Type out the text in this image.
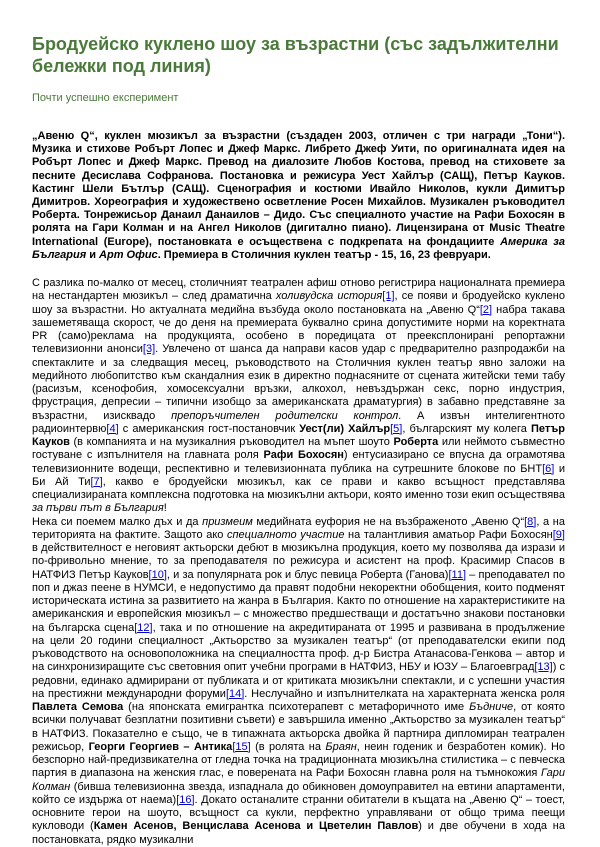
Бродуейско куклено шоу за възрастни (със задължителни бележки под линия)
Почти успешно експеримент
„Авеню Q“, куклен мюзикъл за възрастни (създаден 2003, отличен с три награди „Тони“). Музика и стихове Робърт Лопес и Джеф Маркс. Либрето Джеф Уити, по оригиналната идея на Робърт Лопес и Джеф Маркс. Превод на диалозите Любов Костова, превод на стиховете за песните Десислава Софранова. Постановка и режисура Уест Хайлър (САЩ), Петър Кауков. Кастинг Шели Бътлър (САЩ). Сценография и костюми Ивайло Николов, кукли Димитър Димитров. Хореография и художествено осветление Росен Михайлов. Музикален ръководител Роберта. Тонрежисьор Данаил Данаилов – Дидо. Със специалното участие на Рафи Бохосян в ролята на Гари Колман и на Ангел Николов (дигитално пиано). Лицензирана от Music Theatre International (Europe), постановката е осъществена с подкрепата на фондациите Америка за България и Арт Офис. Премиера в Столичния куклен театър - 15, 16, 23 февруари.

С разлика по-малко от месец, столичният театрален афиш отново регистрира националната премиера на нестандартен мюзикъл – след драматична холивудска история[1], се появи и бродуейско куклено шоу за възрастни. Но актуалната медийна възбуда около постановката на „Авеню Q“[2] набра такава зашеметяваща скорост, че до деня на премиерата буквално срина допустимите норми на коректната PR (само)реклама на продукцията, особено в поредицата от преексплониранi репортажни телевизионни анонси[3]. Увлечено от шанса да направи касов удар с предварително разпродажби на спектаклите и за следващия месец, ръководството на Столичния куклен театър явно заложи на медийното любопитство към скандалния език в директно поднасяните от сцената житейски теми табу (расизъм, ксенофобия, хомосексуални връзки, алкохол, невъздържан секс, порно индустрия, фрустрация, депресии – типични изобщо за американската драматургия) в забавно представяне за възрастни, изисквадо препоръчителен родителски контрол. А извън интелигентното радиоинтервю[4] с американския гост-постановчик Уест(ли) Хайлър[5], българският му колега Петър Кауков (в компанията и на музикалния ръководител на мъпет шоуто Роберта или неймото съвместно гостуване с изпълнителя на главната роля Рафи Бохосян) ентусиазирано се впусна да ограмотява телевизионните водещи, респективно и телевизионната публика на сутрешните блокове по БНТ[6] и Би Ай Ти[7], какво е бродуейски мюзикъл, как се прави и какво всъщност представлява специализираната комплексна подготовка на мюзикълни актьори, която именно този екип осъществява за първи път в България!

Нека си поемем малко дъх и да призмеим медийната еуфория не на възбраженото „Авеню Q“[8], а на територията на фактите. Защото ако специалното участие на талантливия аматьор Рафи Бохосян[9] в действителност е неговият актьорски дебют в мюзикълна продукция, което му позволява да изрази и по-фривольно мнение, то за преподавателя по режисура и асистент на проф. Красимир Спасов в НАТФИЗ Петър Кауков[10], и за популярната рок и блус певица Роберта (Ганова)[11] – преподавател по поп и джаз пеене в НУМСИ, е недопустимо да правят подобни некоректни обобщения, които подменят историческата истина за развитието на жанра в България. Както по отношение на характеристиките на американския и европейския мюзикъл – с множество предшестващи и достатъчно знакови постановки на българска сцена[12], така и по отношение на акредитираната от 1995 и развивана в продължение на цели 20 години специалност „Актьорство за музикален театър“ (от преподавателски екипи под ръководството на основоположника на специалността проф. д-р Бистра Атанасова-Генкова – автор и на синхронизиращите със световния опит учебни програми в НАТФИЗ, НБУ и ЮЗУ – Благоевград[13]) с редовни, единако адмирирани от публиката и от критиката мюзикълни спектакли, и с успешни участия на престижни международни форуми[14]. Неслучайно и изпълнителката на характерната женска роля Павлета Семова (на японската емигрантка психотерапевт с метафоричното име Бъдниче, от която всички получават безплатни позитивни съвети) е завършила именно „Актьорство за музикален театър“ в НАТФИЗ. Показателно е също, че в типажната актьорска двойка й партнира дипломиран театрален режисьор, Георги Георгиев – Антика[15] (в ролята на Браян, неин годеник и безработен комик). Но безспорно най-предизвикателна от гледна точка на традиционната мюзикълна стилистика – с певческа партия в диапазона на женския глас, е поверената на Рафи Бохосян главна роля на тъмнокожия Гари Колман (бивша телевизионна звезда, изпаднала до обикновен домоуправител на евтини апартаменти, който се издържа от наема)[16]. Докато останалите странни обитатели в къщата на „Авеню Q“ – тоест, основните герои на шоуто, всъщност са кукли, перфектно управлявани от общо трима пеещи кукловоди (Камен Асенов, Венцислава Асенова и Цветелин Павлов) и двe обучени в хода на постановката, рядко музикални
